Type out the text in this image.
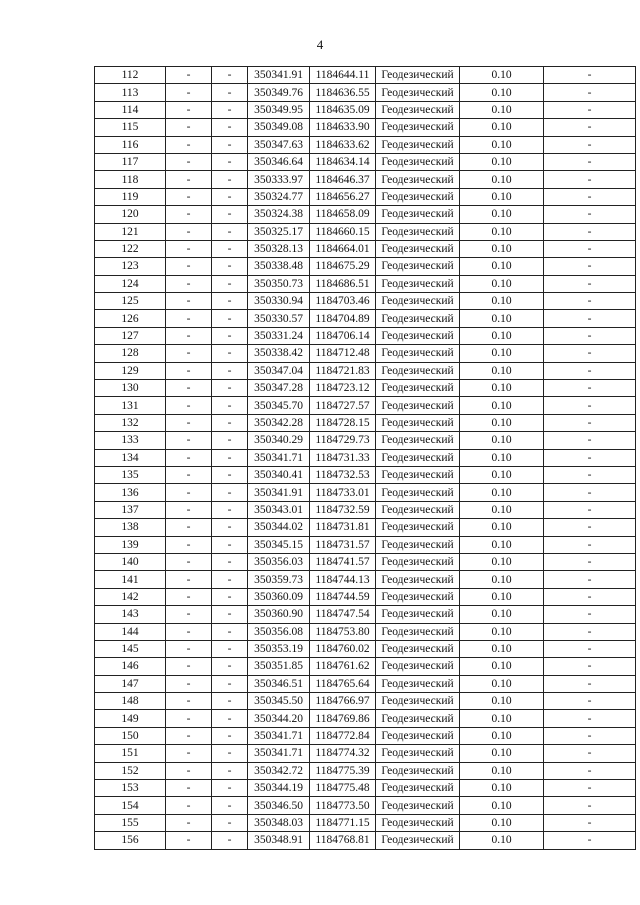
4
112	-	-	350341.91	1184644.11	Геодезический	0.10	-
113	-	-	350349.76	1184636.55	Геодезический	0.10	-
114	-	-	350349.95	1184635.09	Геодезический	0.10	-
115	-	-	350349.08	1184633.90	Геодезический	0.10	-
116	-	-	350347.63	1184633.62	Геодезический	0.10	-
117	-	-	350346.64	1184634.14	Геодезический	0.10	-
118	-	-	350333.97	1184646.37	Геодезический	0.10	-
119	-	-	350324.77	1184656.27	Геодезический	0.10	-
120	-	-	350324.38	1184658.09	Геодезический	0.10	-
121	-	-	350325.17	1184660.15	Геодезический	0.10	-
122	-	-	350328.13	1184664.01	Геодезический	0.10	-
123	-	-	350338.48	1184675.29	Геодезический	0.10	-
124	-	-	350350.73	1184686.51	Геодезический	0.10	-
125	-	-	350330.94	1184703.46	Геодезический	0.10	-
126	-	-	350330.57	1184704.89	Геодезический	0.10	-
127	-	-	350331.24	1184706.14	Геодезический	0.10	-
128	-	-	350338.42	1184712.48	Геодезический	0.10	-
129	-	-	350347.04	1184721.83	Геодезический	0.10	-
130	-	-	350347.28	1184723.12	Геодезический	0.10	-
131	-	-	350345.70	1184727.57	Геодезический	0.10	-
132	-	-	350342.28	1184728.15	Геодезический	0.10	-
133	-	-	350340.29	1184729.73	Геодезический	0.10	-
134	-	-	350341.71	1184731.33	Геодезический	0.10	-
135	-	-	350340.41	1184732.53	Геодезический	0.10	-
136	-	-	350341.91	1184733.01	Геодезический	0.10	-
137	-	-	350343.01	1184732.59	Геодезический	0.10	-
138	-	-	350344.02	1184731.81	Геодезический	0.10	-
139	-	-	350345.15	1184731.57	Геодезический	0.10	-
140	-	-	350356.03	1184741.57	Геодезический	0.10	-
141	-	-	350359.73	1184744.13	Геодезический	0.10	-
142	-	-	350360.09	1184744.59	Геодезический	0.10	-
143	-	-	350360.90	1184747.54	Геодезический	0.10	-
144	-	-	350356.08	1184753.80	Геодезический	0.10	-
145	-	-	350353.19	1184760.02	Геодезический	0.10	-
146	-	-	350351.85	1184761.62	Геодезический	0.10	-
147	-	-	350346.51	1184765.64	Геодезический	0.10	-
148	-	-	350345.50	1184766.97	Геодезический	0.10	-
149	-	-	350344.20	1184769.86	Геодезический	0.10	-
150	-	-	350341.71	1184772.84	Геодезический	0.10	-
151	-	-	350341.71	1184774.32	Геодезический	0.10	-
152	-	-	350342.72	1184775.39	Геодезический	0.10	-
153	-	-	350344.19	1184775.48	Геодезический	0.10	-
154	-	-	350346.50	1184773.50	Геодезический	0.10	-
155	-	-	350348.03	1184771.15	Геодезический	0.10	-
156	-	-	350348.91	1184768.81	Геодезический	0.10	-
